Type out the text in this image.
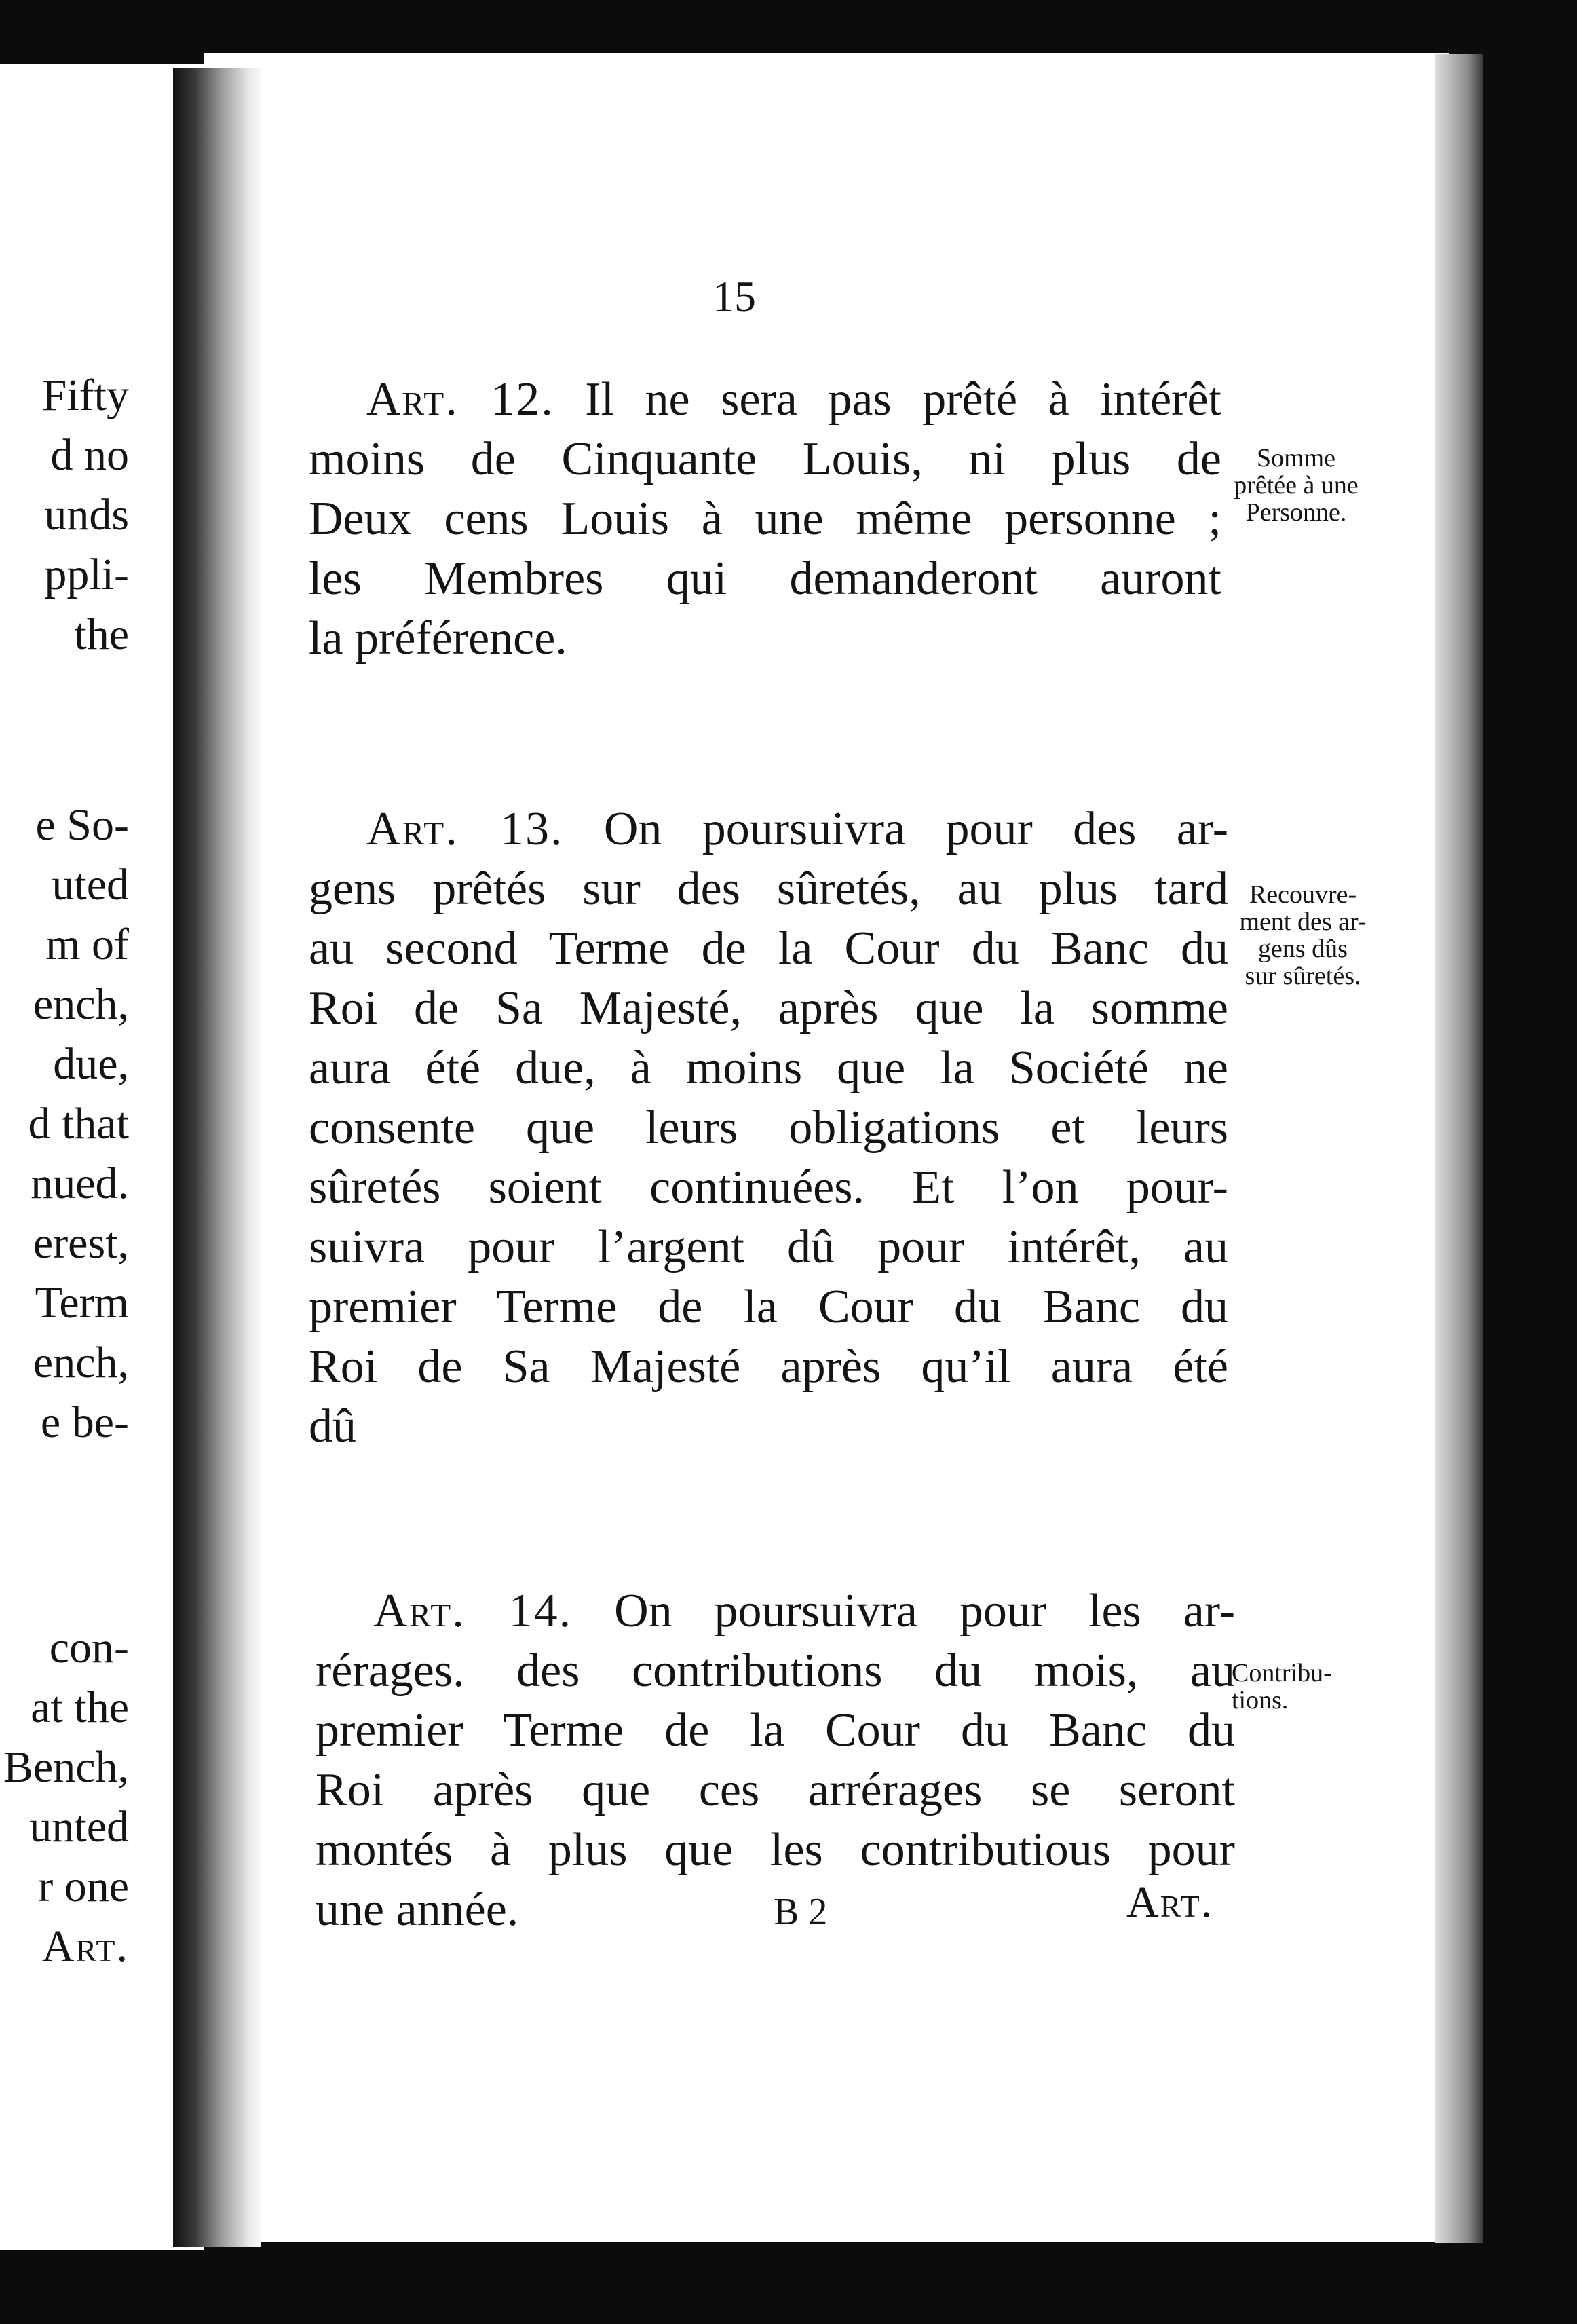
Fifty
d no
unds
ppli-
the
e So-
uted
m of
ench,
due,
d that
nued.
erest,
Term
ench,
e be-
con-
at the
Bench,
unted
r one
Art.
15
Art. 12. Il ne sera pas prêté à intérêt
moins de Cinquante Louis, ni plus de
Deux cens Louis à une même personne ;
les Membres qui demanderont auront
la préférence.
Somme
prêtée à une
Personne.
Art. 13. On poursuivra pour des ar-
gens prêtés sur des sûretés, au plus tard
au second Terme de la Cour du Banc du
Roi de Sa Majesté, après que la somme
aura été due, à moins que la Société ne
consente que leurs obligations et leurs
sûretés soient continuées. Et l’on pour-
suivra pour l’argent dû pour intérêt, au
premier Terme de la Cour du Banc du
Roi de Sa Majesté après qu’il aura été
dû
Recouvre-
ment des ar-
gens dûs
sur sûretés.
Art. 14. On poursuivra pour les ar-
rérages. des contributions du mois, au
premier Terme de la Cour du Banc du
Roi après que ces arrérages se seront
montés à plus que les contributious pour
une année.
Contribu-
tions.
B 2	Art.
